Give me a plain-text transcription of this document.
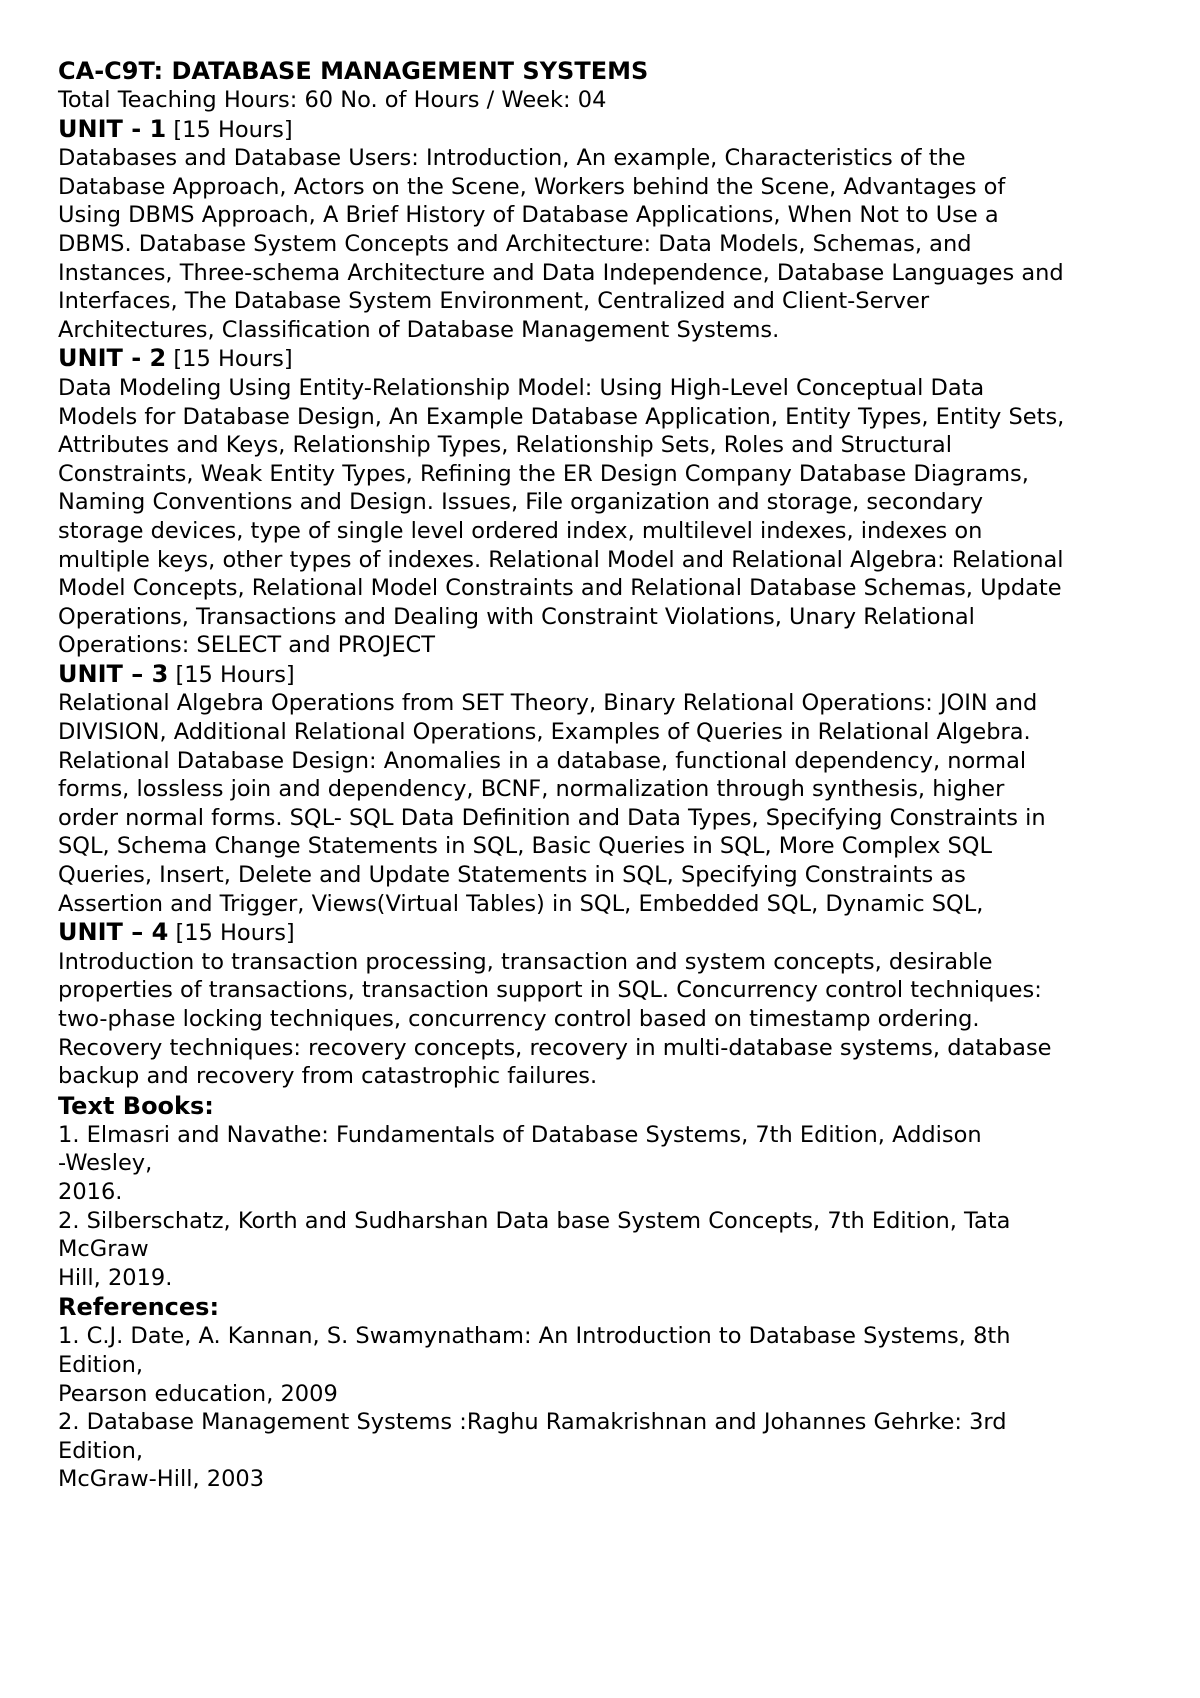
CA-C9T: DATABASE MANAGEMENT SYSTEMS
Total Teaching Hours: 60 No. of Hours / Week: 04
UNIT - 1 [15 Hours]
Databases and Database Users: Introduction, An example, Characteristics of the
Database Approach, Actors on the Scene, Workers behind the Scene, Advantages of
Using DBMS Approach, A Brief History of Database Applications, When Not to Use a
DBMS. Database System Concepts and Architecture: Data Models, Schemas, and
Instances, Three-schema Architecture and Data Independence, Database Languages and
Interfaces, The Database System Environment, Centralized and Client-Server
Architectures, Classification of Database Management Systems.
UNIT - 2 [15 Hours]
Data Modeling Using Entity-Relationship Model: Using High-Level Conceptual Data
Models for Database Design, An Example Database Application, Entity Types, Entity Sets,
Attributes and Keys, Relationship Types, Relationship Sets, Roles and Structural
Constraints, Weak Entity Types, Refining the ER Design Company Database Diagrams,
Naming Conventions and Design. Issues, File organization and storage, secondary
storage devices, type of single level ordered index, multilevel indexes, indexes on
multiple keys, other types of indexes. Relational Model and Relational Algebra: Relational
Model Concepts, Relational Model Constraints and Relational Database Schemas, Update
Operations, Transactions and Dealing with Constraint Violations, Unary Relational
Operations: SELECT and PROJECT
UNIT – 3 [15 Hours]
Relational Algebra Operations from SET Theory, Binary Relational Operations: JOIN and
DIVISION, Additional Relational Operations, Examples of Queries in Relational Algebra.
Relational Database Design: Anomalies in a database, functional dependency, normal
forms, lossless join and dependency, BCNF, normalization through synthesis, higher
order normal forms. SQL- SQL Data Definition and Data Types, Specifying Constraints in
SQL, Schema Change Statements in SQL, Basic Queries in SQL, More Complex SQL
Queries, Insert, Delete and Update Statements in SQL, Specifying Constraints as
Assertion and Trigger, Views(Virtual Tables) in SQL, Embedded SQL, Dynamic SQL,
UNIT – 4 [15 Hours]
Introduction to transaction processing, transaction and system concepts, desirable
properties of transactions, transaction support in SQL. Concurrency control techniques:
two-phase locking techniques, concurrency control based on timestamp ordering.
Recovery techniques: recovery concepts, recovery in multi-database systems, database
backup and recovery from catastrophic failures.
Text Books:
1. Elmasri and Navathe: Fundamentals of Database Systems, 7th Edition, Addison
-Wesley,
2016.
2. Silberschatz, Korth and Sudharshan Data base System Concepts, 7th Edition, Tata
McGraw
Hill, 2019.
References:
1. C.J. Date, A. Kannan, S. Swamynatham: An Introduction to Database Systems, 8th
Edition,
Pearson education, 2009
2. Database Management Systems :Raghu Ramakrishnan and Johannes Gehrke: 3rd
Edition,
McGraw-Hill, 2003
